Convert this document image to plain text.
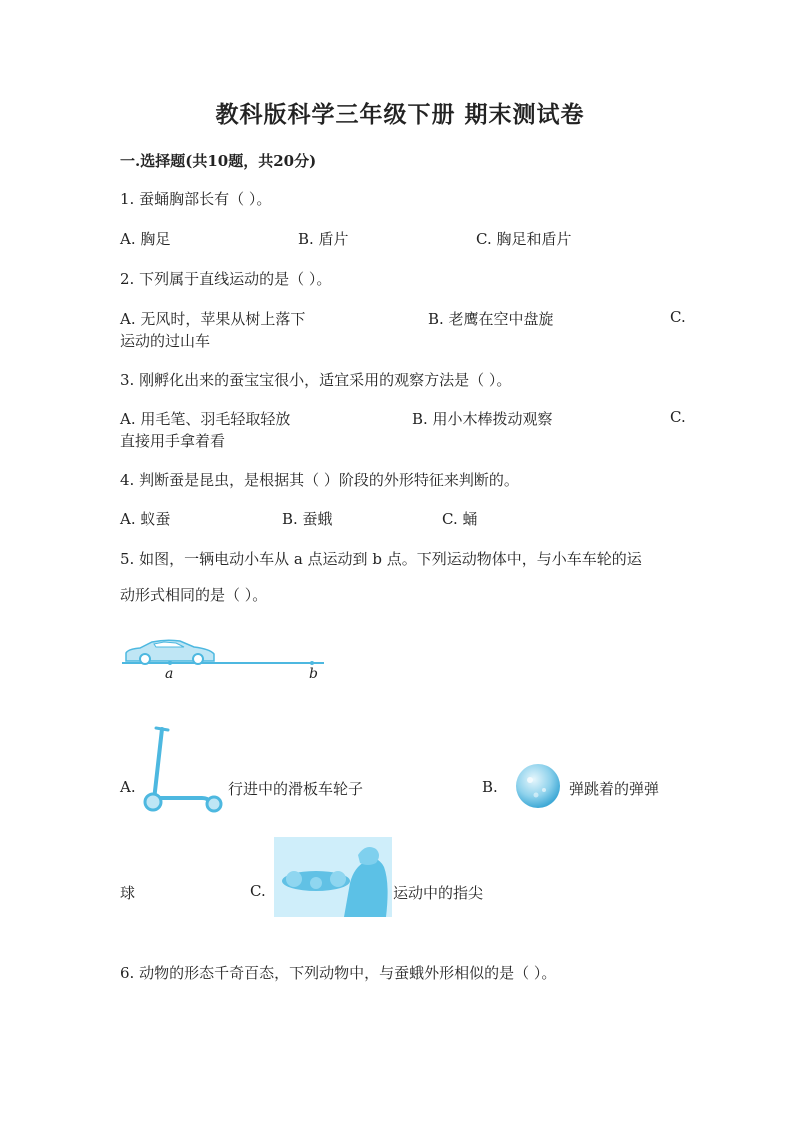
教科版科学三年级下册 期末测试卷
一.选择题(共10题，共20分)
1. 蚕蛹胸部长有（ ）。
A. 胸足	B. 盾片	C. 胸足和盾片
2. 下列属于直线运动的是（ ）。
A. 无风时，苹果从树上落下	B. 老鹰在空中盘旋	C.
运动的过山车
3. 刚孵化出来的蚕宝宝很小，适宜采用的观察方法是（ ）。
A. 用毛笔、羽毛轻取轻放	B. 用小木棒拨动观察	C.
直接用手拿着看
4. 判断蚕是昆虫，是根据其（ ）阶段的外形特征来判断的。
A. 蚁蚕	B. 蚕蛾	C. 蛹
5. 如图，一辆电动小车从 a 点运动到 b 点。下列运动物体中，与小车车轮的运
动形式相同的是（ ）。
a	b
A.	行进中的滑板车轮子	B.	弹跳着的弹弹
球	C.	运动中的指尖
6. 动物的形态千奇百态，下列动物中，与蚕蛾外形相似的是（ ）。
